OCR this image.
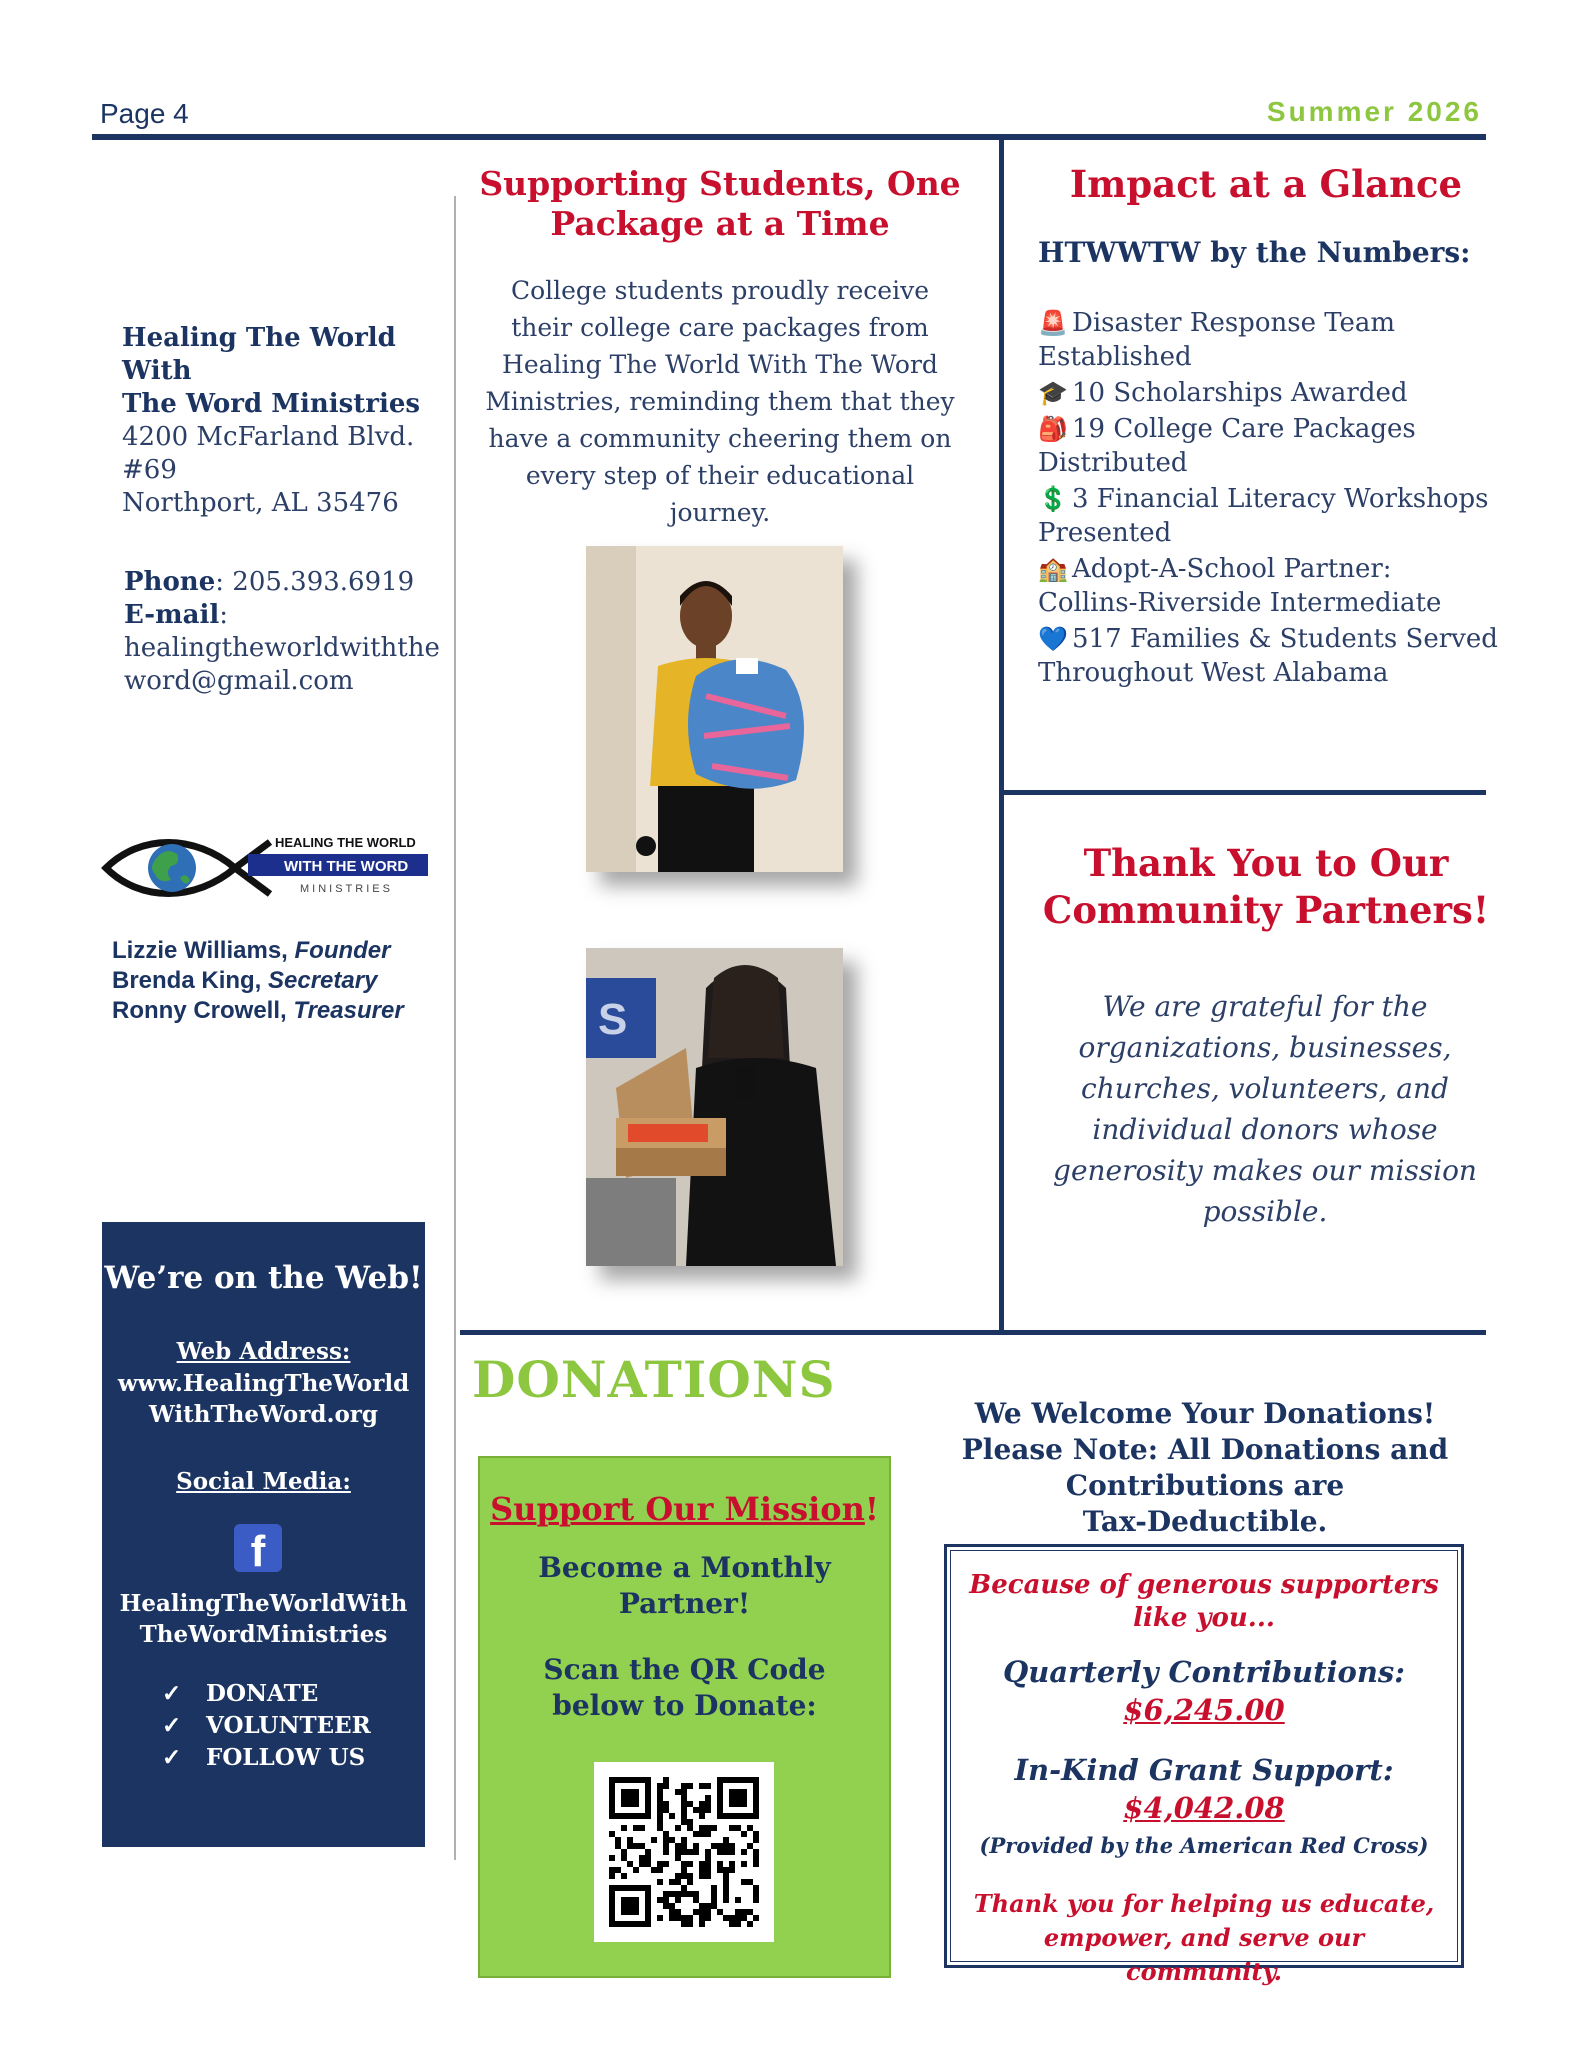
Page 4	Summer 2026
Healing The World With
The Word Ministries
4200 McFarland Blvd.
#69
Northport, AL 35476
Phone: 205.393.6919
E-mail:
healingtheworldwiththe
word@gmail.com
HEALING THE WORLD
WITH THE WORD
MINISTRIES
Lizzie Williams, Founder
Brenda King, Secretary
Ronny Crowell, Treasurer
We’re on the Web!
Web Address:
www.HealingTheWorld
WithTheWord.org
Social Media:
f
HealingTheWorldWith
TheWordMinistries
✓ DONATE
✓ VOLUNTEER
✓ FOLLOW US
Supporting Students, One
Package at a Time
College students proudly receive their college care packages from Healing The World With The Word Ministries, reminding them that they have a community cheering them on every step of their educational journey.
S
Impact at a Glance
HTWWTW by the Numbers:
🚨 Disaster Response Team Established
🎓 10 Scholarships Awarded
🎒 19 College Care Packages Distributed
💲 3 Financial Literacy Workshops Presented
🏫 Adopt-A-School Partner: Collins-Riverside Intermediate
💙 517 Families & Students Served Throughout West Alabama
Thank You to Our
Community Partners!
We are grateful for the organizations, businesses, churches, volunteers, and individual donors whose generosity makes our mission possible.
DONATIONS
Support Our Mission!
Become a Monthly Partner!
Scan the QR Code below to Donate:
We Welcome Your Donations!
Please Note: All Donations and
Contributions are
Tax-Deductible.
Because of generous supporters like you...
Quarterly Contributions:
$6,245.00
In-Kind Grant Support:
$4,042.08
(Provided by the American Red Cross)
Thank you for helping us educate, empower, and serve our community.
